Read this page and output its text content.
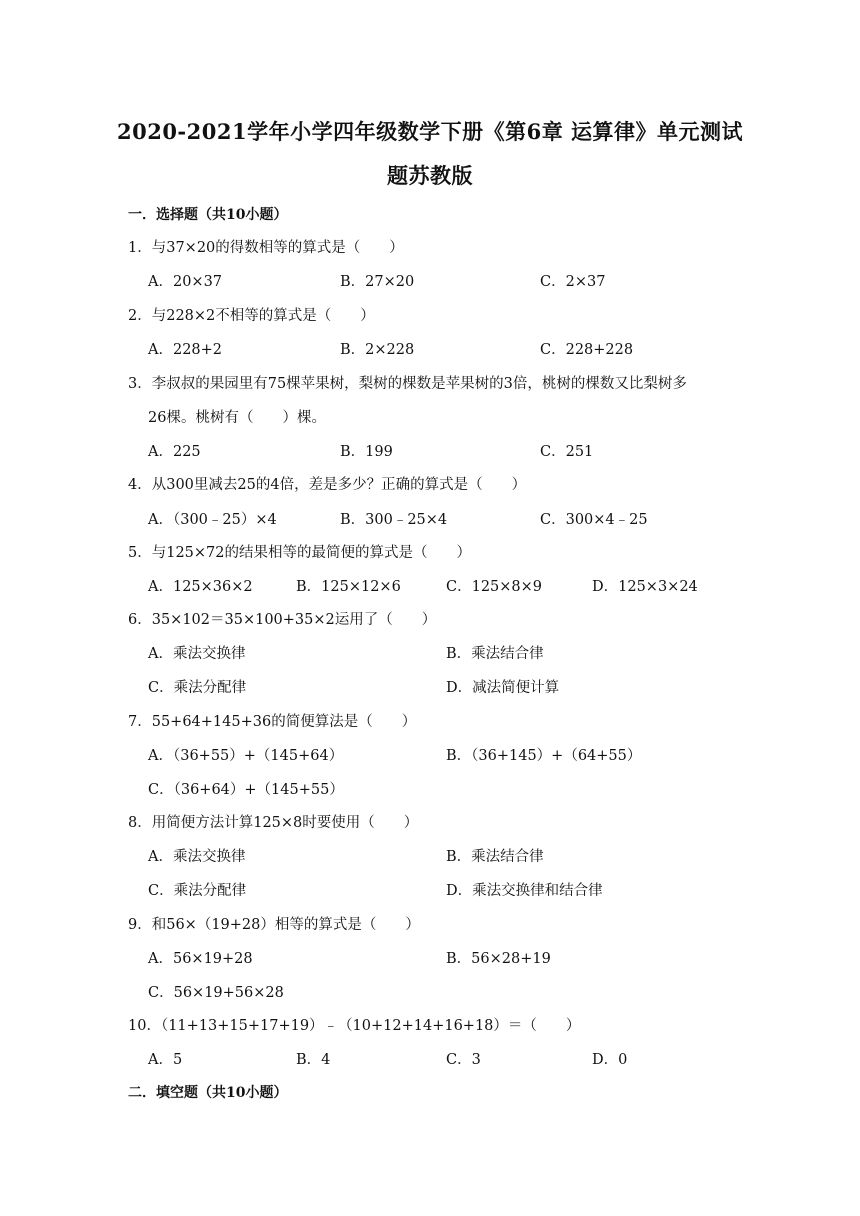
2020-2021学年小学四年级数学下册《第6章 运算律》单元测试
题苏教版
一．选择题（共10小题）
1．与37×20的得数相等的算式是（　　）
A．20×37	B．27×20	C．2×37
2．与228×2不相等的算式是（　　）
A．228+2	B．2×228	C．228+228
3．李叔叔的果园里有75棵苹果树，梨树的棵数是苹果树的3倍，桃树的棵数又比梨树多
26棵。桃树有（　　）棵。
A．225	B．199	C．251
4．从300里减去25的4倍，差是多少？正确的算式是（　　）
A．（300﹣25）×4	B．300﹣25×4	C．300×4﹣25
5．与125×72的结果相等的最简便的算式是（　　）
A．125×36×2	B．125×12×6	C．125×8×9	D．125×3×24
6．35×102＝35×100+35×2运用了（　　）
A．乘法交换律	B．乘法结合律
C．乘法分配律	D．减法简便计算
7．55+64+145+36的简便算法是（　　）
A．（36+55）+（145+64）	B．（36+145）+（64+55）
C．（36+64）+（145+55）
8．用简便方法计算125×8时要使用（　　）
A．乘法交换律	B．乘法结合律
C．乘法分配律	D．乘法交换律和结合律
9．和56×（19+28）相等的算式是（　　）
A．56×19+28	B．56×28+19
C．56×19+56×28
10．（11+13+15+17+19）﹣（10+12+14+16+18）＝（　　）
A．5	B．4	C．3	D．0
二．填空题（共10小题）
